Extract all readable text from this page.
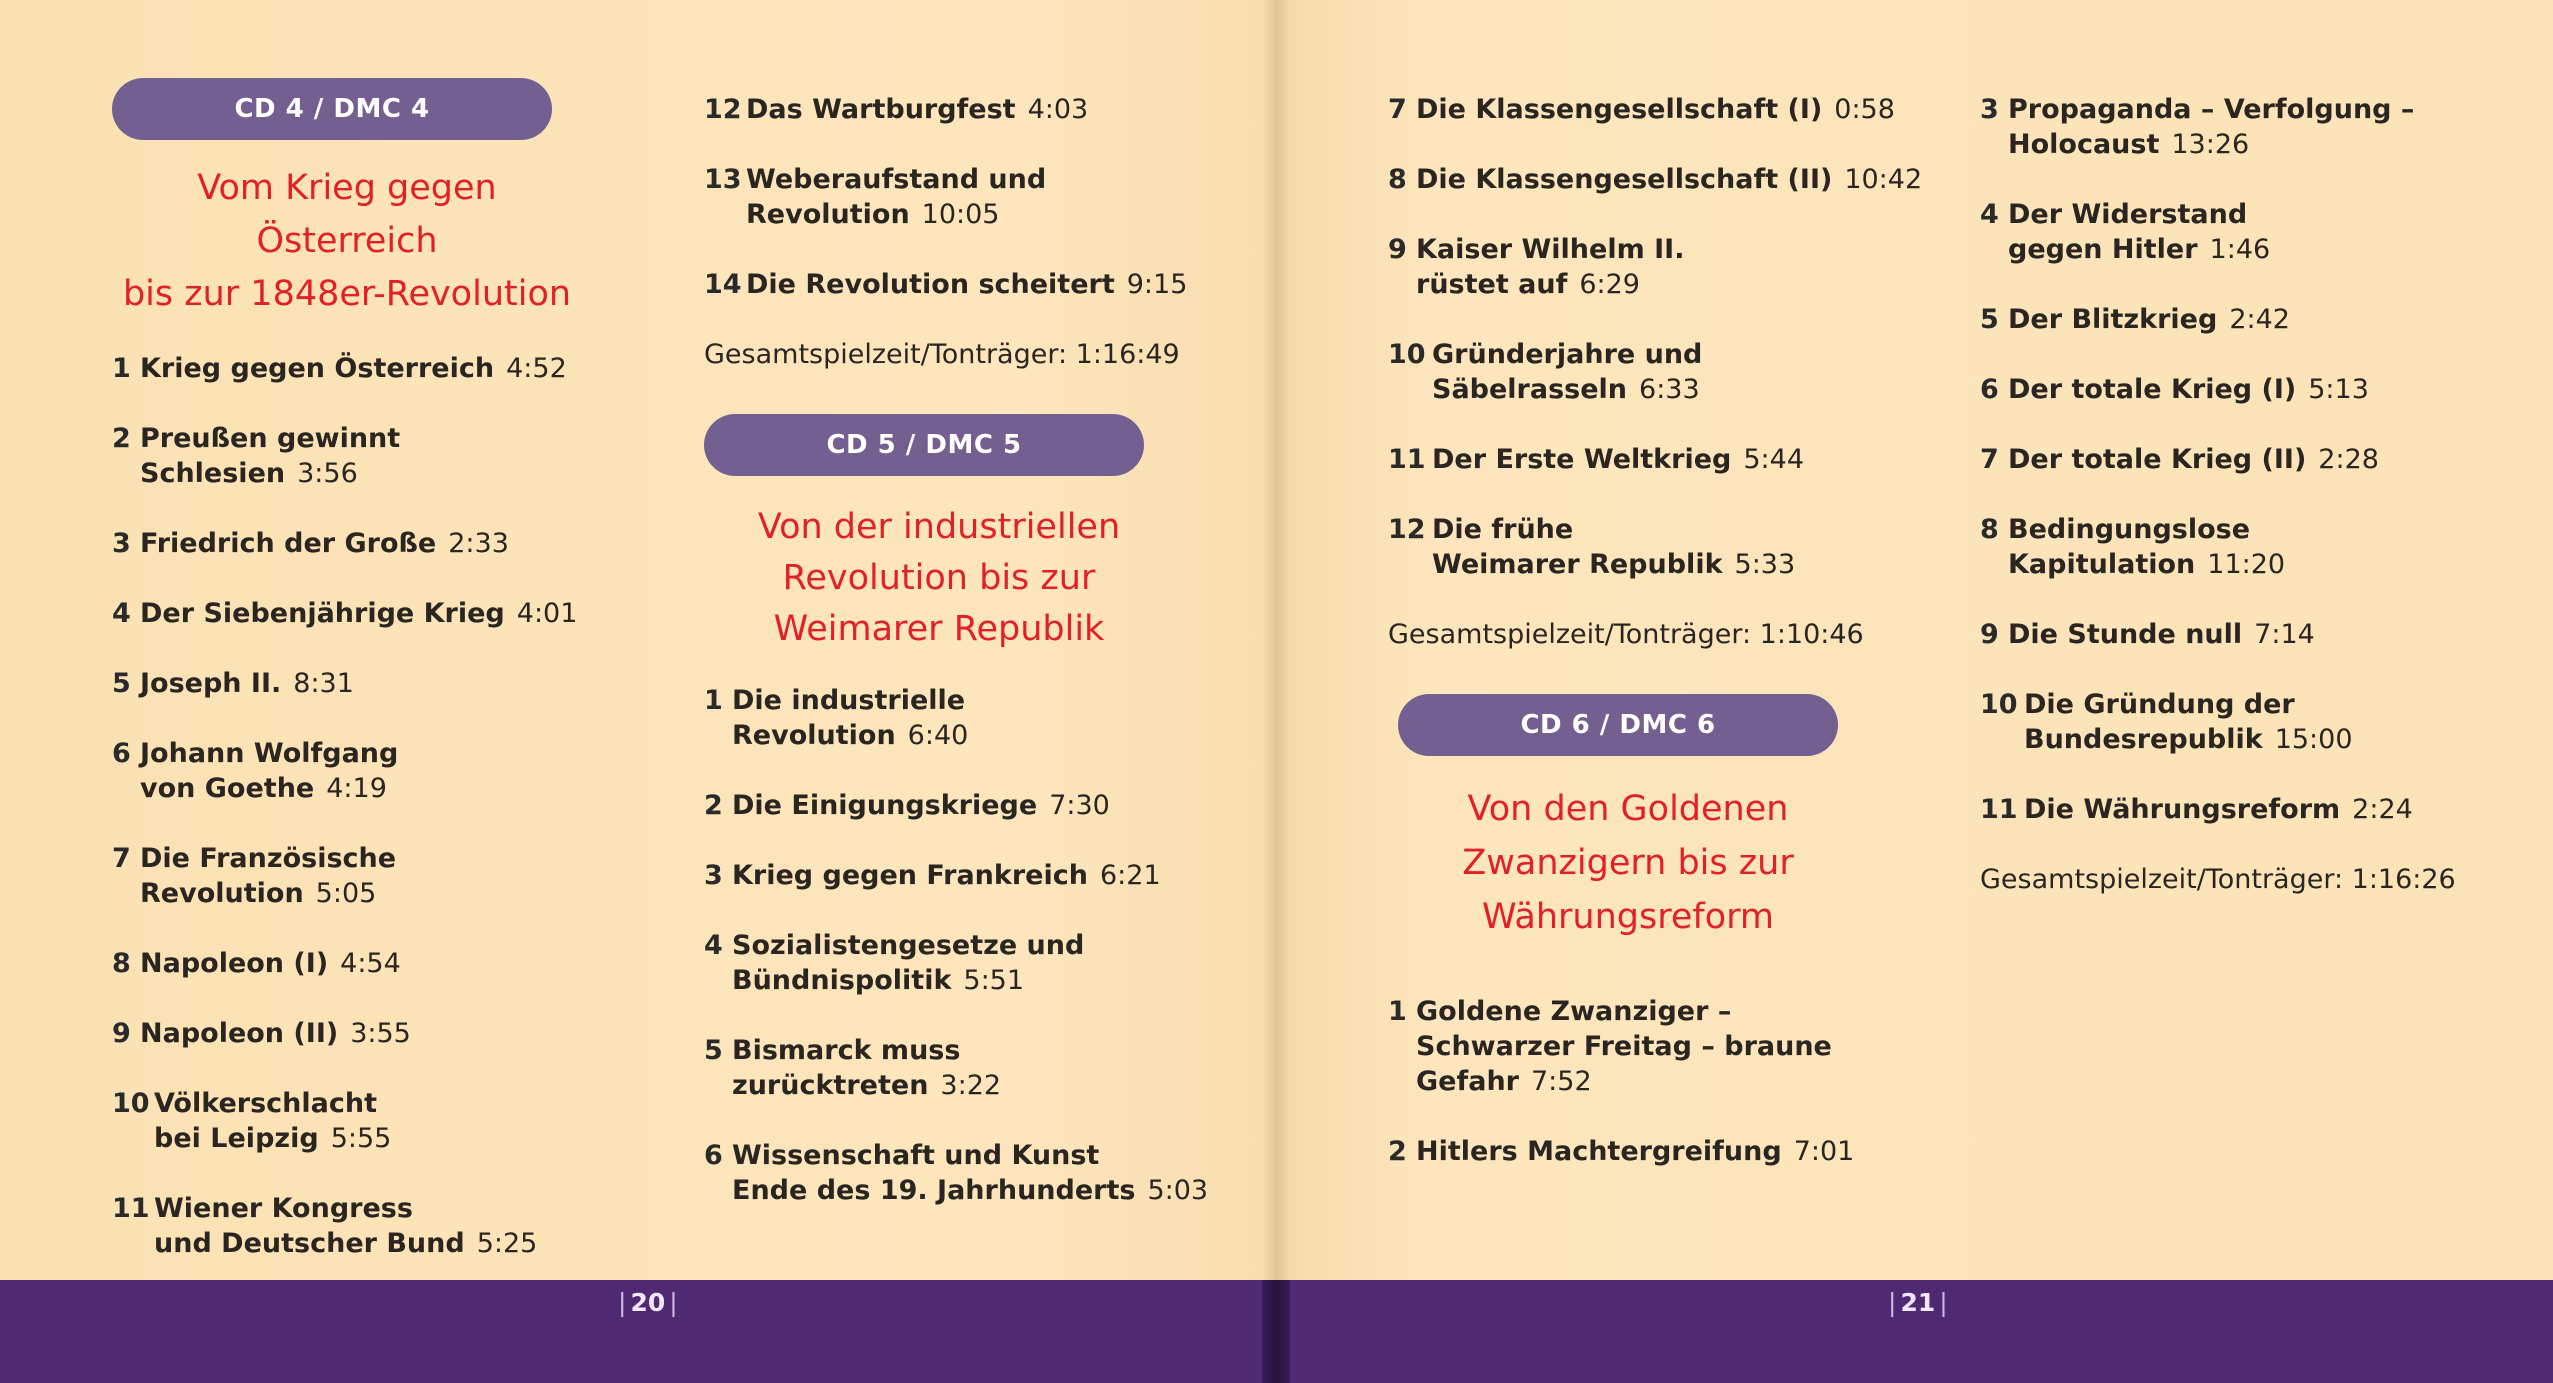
| 20 |	| 21 |
CD 4 / DMC 4

Vom Krieg gegen Österreich

bis zur 1848er-Revolution

1 Krieg gegen Österreich 4:52

2 Preußen gewinnt
Schlesien 3:56

3 Friedrich der Große 2:33

4 Der Siebenjährige Krieg 4:01

5 Joseph II. 8:31

6 Johann Wolfgang
von Goethe 4:19

7 Die Französische
Revolution 5:05

8 Napoleon (I) 4:54

9 Napoleon (II) 3:55

10 Völkerschlacht
bei Leipzig 5:55

11 Wiener Kongress
und Deutscher Bund 5:25

12 Das Wartburgfest 4:03

13 Weberaufstand und
Revolution 10:05

14 Die Revolution scheitert 9:15

Gesamtspielzeit/Tonträger: 1:16:49

CD 5 / DMC 5

Von der industriellen

Revolution bis zur

Weimarer Republik

1 Die industrielle
Revolution 6:40

2 Die Einigungskriege 7:30

3 Krieg gegen Frankreich 6:21

4 Sozialistengesetze und
Bündnispolitik 5:51

5 Bismarck muss
zurücktreten 3:22

6 Wissenschaft und Kunst
Ende des 19. Jahrhunderts 5:03

7 Die Klassengesellschaft (I) 0:58

8 Die Klassengesellschaft (II) 10:42

9 Kaiser Wilhelm II.
rüstet auf 6:29

10 Gründerjahre und
Säbelrasseln 6:33

11 Der Erste Weltkrieg 5:44

12 Die frühe
Weimarer Republik 5:33

Gesamtspielzeit/Tonträger: 1:10:46

CD 6 / DMC 6

Von den Goldenen

Zwanzigern bis zur

Währungsreform

1 Goldene Zwanziger –
Schwarzer Freitag – braune
Gefahr 7:52

2 Hitlers Machtergreifung 7:01

3 Propaganda – Verfolgung –
Holocaust 13:26

4 Der Widerstand
gegen Hitler 1:46

5 Der Blitzkrieg 2:42

6 Der totale Krieg (I) 5:13

7 Der totale Krieg (II) 2:28

8 Bedingungslose
Kapitulation 11:20

9 Die Stunde null 7:14

10 Die Gründung der
Bundesrepublik 15:00

11 Die Währungsreform 2:24

Gesamtspielzeit/Tonträger: 1:16:26
